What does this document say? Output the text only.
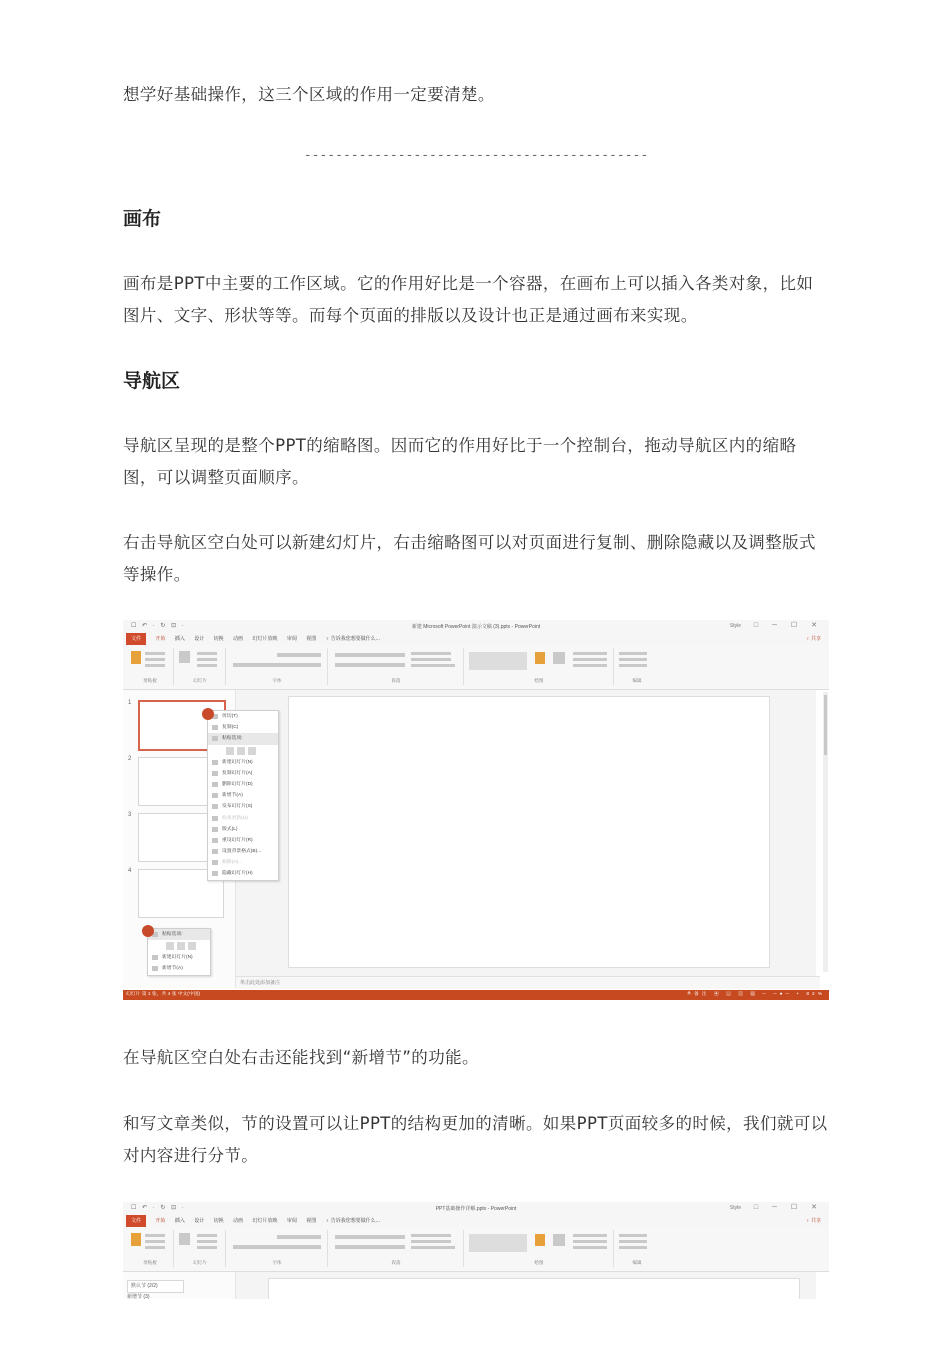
想学好基础操作，这三个区域的作用一定要清楚。

--------------------------------------------
画布

画布是PPT中主要的工作区域。它的作用好比是一个容器，在画布上可以插入各类对象，比如图片、文字、形状等等。而每个页面的排版以及设计也正是通过画布来实现。

导航区

导航区呈现的是整个PPT的缩略图。因而它的作用好比于一个控制台，拖动导航区内的缩略图，可以调整页面顺序。

右击导航区空白处可以新建幻灯片，右击缩略图可以对页面进行复制、删除隐藏以及调整版式等操作。

☐ ↶ · ↻ ⊡ ·	新建 Microsoft PowerPoint 演示文稿 (3).pptx - PowerPoint	Style □ ─ ☐ ✕
文件	开始 插入 设计 切换 动画 幻灯片放映 审阅 视图 ♀ 告诉我您想要做什么...	♀ 共享
剪贴板	幻灯片	字体	段落	绘图	编辑
1
2
3
4
单击此处添加备注
剪切(T)
复制(C)
粘贴选项:
新建幻灯片(N)
复制幻灯片(A)
删除幻灯片(D)
新增节(A)
发布幻灯片(S)
检查更新(U)
版式(L)
重设幻灯片(R)
设置背景格式(B)...
相册(A)...
隐藏幻灯片(H)
粘贴选项:
新建幻灯片(N)
新增节(A)
幻灯片 第 1 张，共 4 张 中文(中国)	≜备注 ▣ ▤ ▥ ▦ ─ ─●─ + 82%

在导航区空白处右击还能找到“新增节”的功能。

和写文章类似，节的设置可以让PPT的结构更加的清晰。如果PPT页面较多的时候，我们就可以对内容进行分节。

☐ ↶ · ↻ ⊡ ·	PPT基础操作详解.pptx - PowerPoint	Style □ ─ ☐ ✕
文件	开始 插入 设计 切换 动画 幻灯片放映 审阅 视图 ♀ 告诉我您想要做什么...	♀ 共享
剪贴板	幻灯片	字体	段落	绘图	编辑
默认节 (2/2)
新增节 (3)
